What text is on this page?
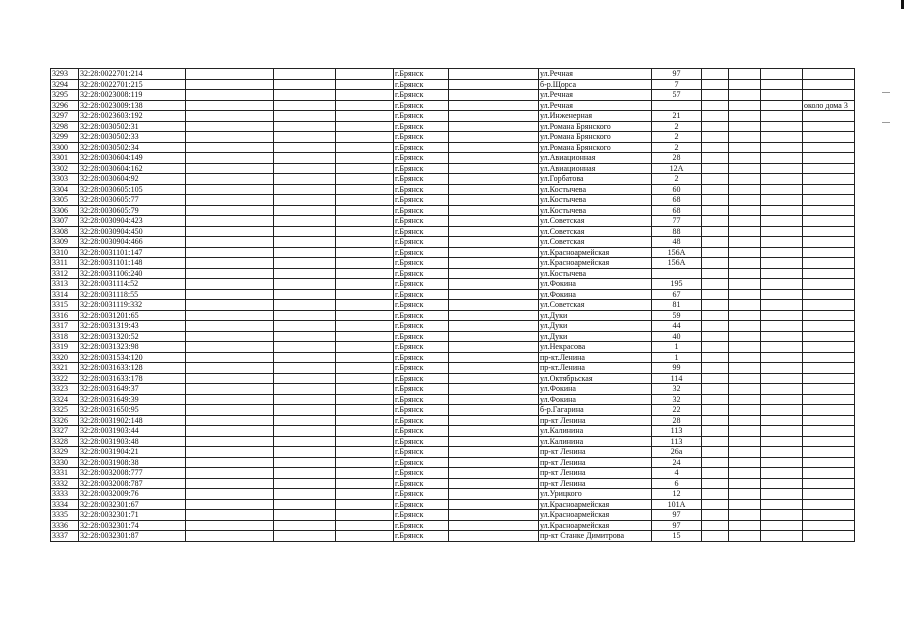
3293	32:28:0022701:214				г.Брянск		ул.Речная	97				
3294	32:28:0022701:215				г.Брянск		б-р.Щорса	7				
3295	32:28:0023008:119				г.Брянск		ул.Речная	57				
3296	32:28:0023009:138				г.Брянск		ул.Речная					около дома 3
3297	32:28:0023603:192				г.Брянск		ул.Инженерная	21				
3298	32:28:0030502:31				г.Брянск		ул.Романа Брянского	2				
3299	32:28:0030502:33				г.Брянск		ул.Романа Брянского	2				
3300	32:28:0030502:34				г.Брянск		ул.Романа Брянского	2				
3301	32:28:0030604:149				г.Брянск		ул.Авиационная	28				
3302	32:28:0030604:162				г.Брянск		ул.Авиационная	12А				
3303	32:28:0030604:92				г.Брянск		ул.Горбатова	2				
3304	32:28:0030605:105				г.Брянск		ул.Костычева	60				
3305	32:28:0030605:77				г.Брянск		ул.Костычева	68				
3306	32:28:0030605:79				г.Брянск		ул.Костычева	68				
3307	32:28:0030904:423				г.Брянск		ул.Советская	77				
3308	32:28:0030904:450				г.Брянск		ул.Советская	88				
3309	32:28:0030904:466				г.Брянск		ул.Советская	48				
3310	32:28:0031101:147				г.Брянск		ул.Красноармейская	156А				
3311	32:28:0031101:148				г.Брянск		ул.Красноармейская	156А				
3312	32:28:0031106:240				г.Брянск		ул.Костычева					
3313	32:28:0031114:52				г.Брянск		ул.Фокина	195				
3314	32:28:0031118:55				г.Брянск		ул.Фокина	67				
3315	32:28:0031119:332				г.Брянск		ул.Советская	81				
3316	32:28:0031201:65				г.Брянск		ул.Дуки	59				
3317	32:28:0031319:43				г.Брянск		ул.Дуки	44				
3318	32:28:0031320:52				г.Брянск		ул.Дуки	40				
3319	32:28:0031323:98				г.Брянск		ул.Некрасова	1				
3320	32:28:0031534:120				г.Брянск		пр-кт.Ленина	1				
3321	32:28:0031633:128				г.Брянск		пр-кт.Ленина	99				
3322	32:28:0031633:178				г.Брянск		ул.Октябрьская	114				
3323	32:28:0031649:37				г.Брянск		ул.Фокина	32				
3324	32:28:0031649:39				г.Брянск		ул.Фокина	32				
3325	32:28:0031650:95				г.Брянск		б-р.Гагарина	22				
3326	32:28:0031902:148				г.Брянск		пр-кт Ленина	28				
3327	32:28:0031903:44				г.Брянск		ул.Калинина	113				
3328	32:28:0031903:48				г.Брянск		ул.Калинина	113				
3329	32:28:0031904:21				г.Брянск		пр-кт Ленина	26а				
3330	32:28:0031908:38				г.Брянск		пр-кт Ленина	24				
3331	32:28:0032008:777				г.Брянск		пр-кт Ленина	4				
3332	32:28:0032008:787				г.Брянск		пр-кт Ленина	6				
3333	32:28:0032009:76				г.Брянск		ул.Урицкого	12				
3334	32:28:0032301:67				г.Брянск		ул.Красноармейская	101А				
3335	32:28:0032301:71				г.Брянск		ул.Красноармейская	97				
3336	32:28:0032301:74				г.Брянск		ул.Красноармейская	97				
3337	32:28:0032301:87				г.Брянск		пр-кт Станке Димитрова	15				
